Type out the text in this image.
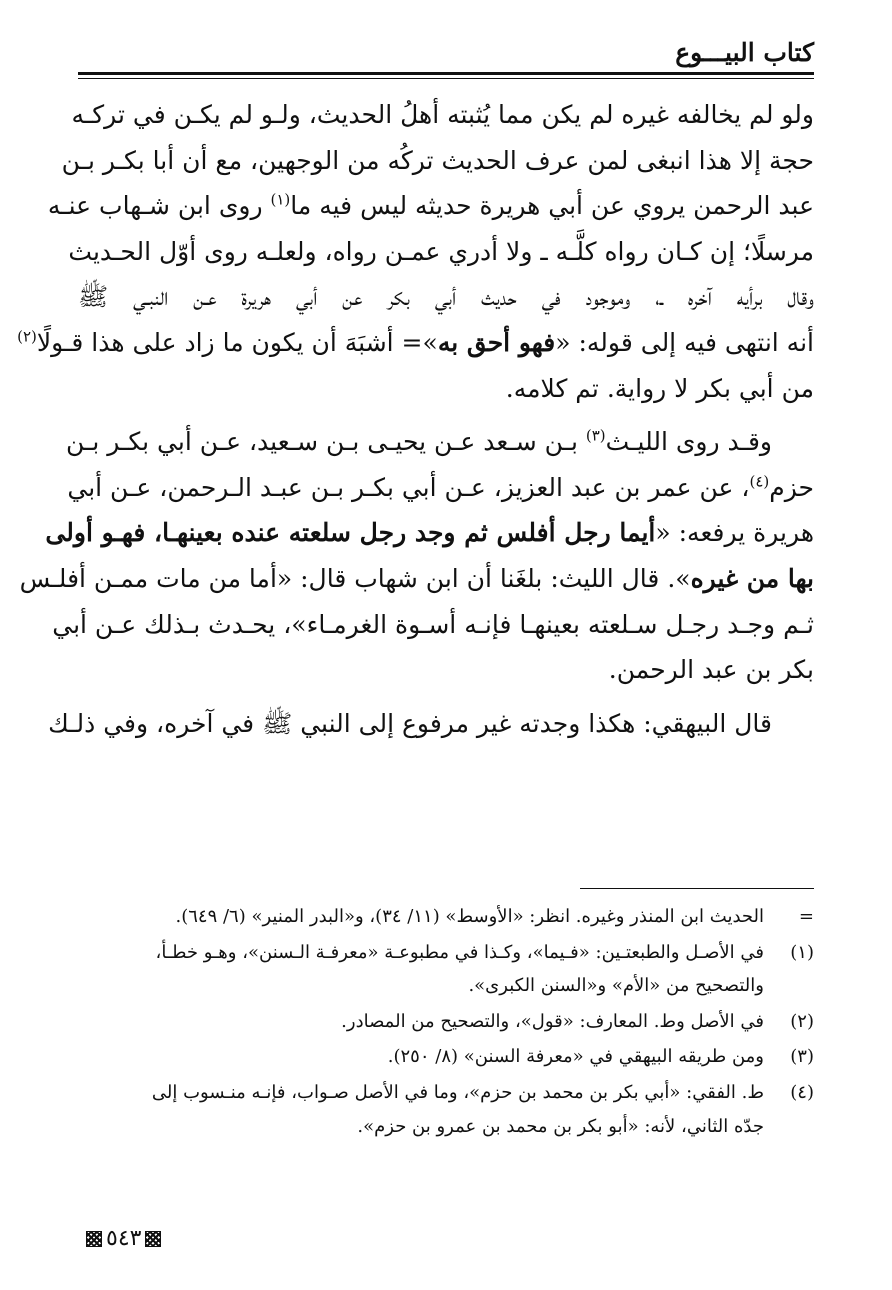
كتاب البيـــوع

ولو لم يخالفه غيره لم يكن مما يُثبته أهلُ الحديث، ولـو لم يكـن في تركـه
حجة إلا هذا انبغى لمن عرف الحديث تركُه من الوجهين، مع أن أبا بكـر بـن
عبد الرحمن يروي عن أبي هريرة حديثه ليس فيه ما$^{(١)}$ روى ابن شـهاب عنـه
مرسلًا؛ إن كـان رواه كلَّـه ـ ولا أدري عمـن رواه، ولعلـه روى أوّل الحـديث
وقال برأيه آخره ـ، وموجود في حديث أبي بكر عن أبي هريرة عـن النبـي ﷺ
أنه انتهى فيه إلى قوله: «فهو أحق به»= أشبَهَ أن يكون ما زاد على هذا قـولًا$^{(٢)}$
من أبي بكر لا رواية. تم كلامه.

وقـد روى الليـث$^{(٣)}$ بـن سـعد عـن يحيـى بـن سـعيد، عـن أبي بكـر بـن
حزم$^{(٤)}$، عن عمر بن عبد العزيز، عـن أبي بكـر بـن عبـد الـرحمن، عـن أبي
هريرة يرفعه: «أيما رجل أفلس ثم وجد رجل سلعته عنده بعينهـا، فهـو أولى
بها من غيره». قال الليث: بلغَنا أن ابن شهاب قال: «أما من مات ممـن أفلـس
ثـم وجـد رجـل سـلعته بعينهـا فإنـه أسـوة الغرمـاء»، يحـدث بـذلك عـن أبي
بكر بن عبد الرحمن.

قال البيهقي: هكذا وجدته غير مرفوع إلى النبي ﷺ في آخره، وفي ذلـك

=
الحديث ابن المنذر وغيره. انظر: «الأوسط» (١١/ ٣٤)، و«البدر المنير» (٦/ ٦٤٩).
(١)
في الأصـل والطبعتـين: «فـيما»، وكـذا في مطبوعـة «معرفـة الـسنن»، وهـو خطـأ،
والتصحيح من «الأم» و«السنن الكبرى».
(٢)
في الأصل وط. المعارف: «قول»، والتصحيح من المصادر.
(٣)
ومن طريقه البيهقي في «معرفة السنن» (٨/ ٢٥٠).
(٤)
ط. الفقي: «أبي بكر بن محمد بن حزم»، وما في الأصل صـواب، فإنـه منـسوب إلى
جدّه الثاني، لأنه: «أبو بكر بن محمد بن عمرو بن حزم».
٥٤٣
